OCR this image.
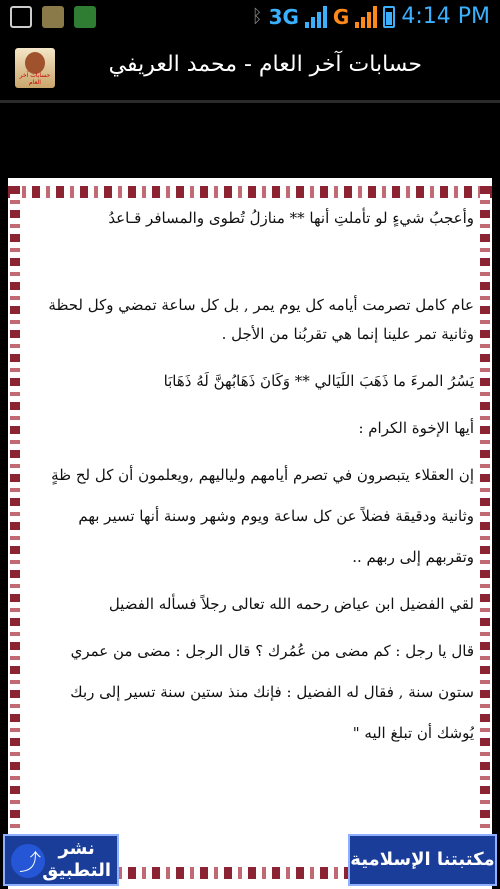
ᛒ 3G G 4:14 PM
حسابات آخر العام
حسابات آخر العام - محمد العريفي
وأعجبُ شيءٍ لو تأملتِ أنها ** منازلُ تُطوى والمسافر قـاعدُ
عام كامل تصرمت أيامه كل يوم يمر , بل كل ساعة تمضي وكل لحظة
وثانية تمر علينا إنما هي تقربُنا من الأجل .
يَسُرُ المرءَ ما ذَهَبَ اللَيَالي ** وَكَانَ ذَهَابُهنَّ لَهُ ذَهَابَا
أيها الإخوة الكرام :
إن العقلاء يتبصرون في تصرم أيامهم ولياليهم ,ويعلمون أن كل لح ظةٍ
وثانية ودقيقة فضلاً عن كل ساعة ويوم وشهر وسنة أنها تسير بهم
وتقربهم إلى ربهم ..
لقي الفضيل ابن عياض رحمه الله تعالى رجلاً فسأله الفضيل
قال يا رجل : كم مضى من عُمُرك ؟ قال الرجل : مضى من عمري
ستون سنة , فقال له الفضيل : فإنك منذ ستين سنة تسير إلى ربك
يُوشك أن تبلغ اليه "
⤴
نشر
التطبيق
مكتبتنا الإسلامية
